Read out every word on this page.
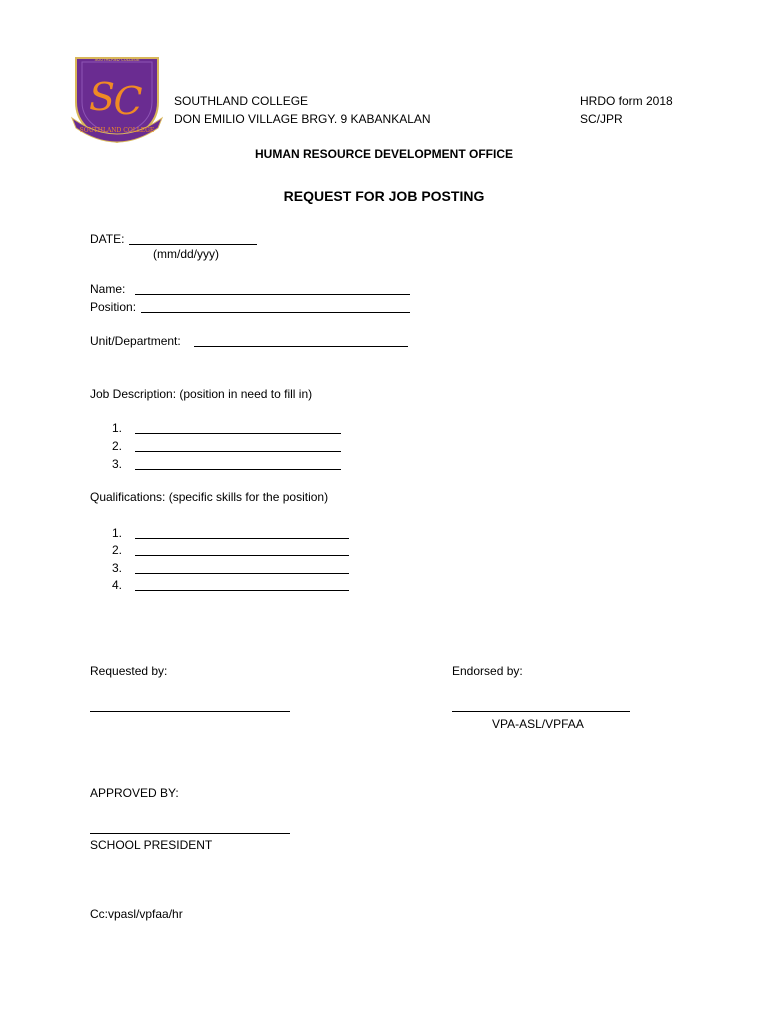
SOUTHLAND COLLEGE
S
C
SOUTHLAND COLLEGE
SOUTHLAND COLLEGE
DON EMILIO VILLAGE BRGY. 9 KABANKALAN
HRDO form 2018
SC/JPR
HUMAN RESOURCE DEVELOPMENT OFFICE
REQUEST FOR JOB POSTING
DATE:
(mm/dd/yyy)
Name:
Position:
Unit/Department:
Job Description: (position in need to fill in)
1.
2.
3.
Qualifications: (specific skills for the position)
1.
2.
3.
4.
Requested by:	Endorsed by:
VPA-ASL/VPFAA
APPROVED BY:
SCHOOL PRESIDENT
Cc:vpasl/vpfaa/hr
